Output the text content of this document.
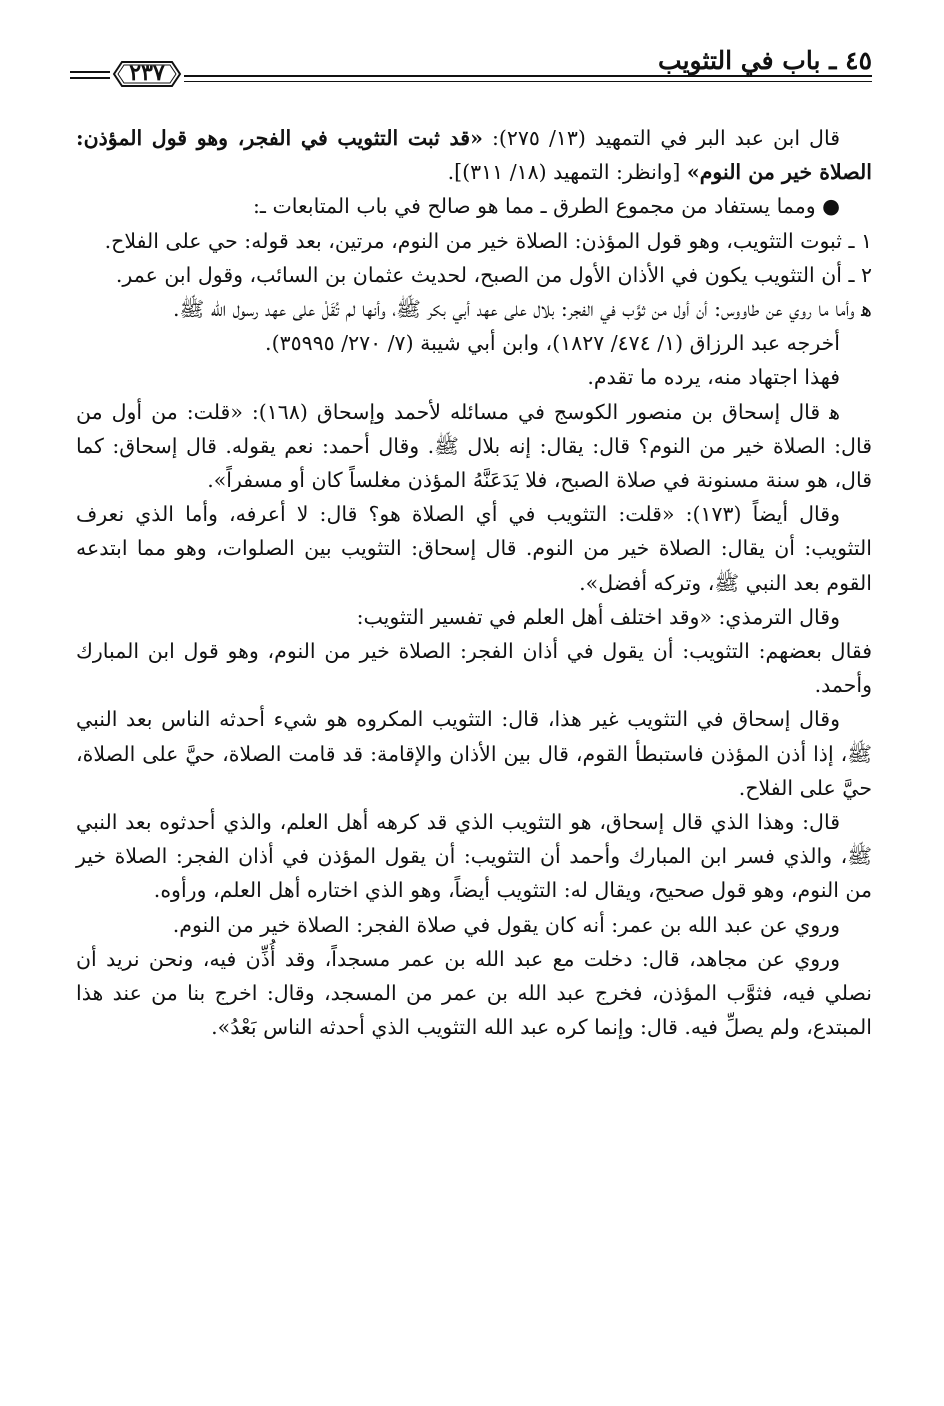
٤٥ ـ باب في التثويب
٢٣٧

قال ابن عبد البر في التمهيد (١٣/ ٢٧٥): «قد ثبت التثويب في الفجر، وهو قول المؤذن: الصلاة خير من النوم» [وانظر: التمهيد (١٨/ ٣١١)].

● ومما يستفاد من مجموع الطرق ـ مما هو صالح في باب المتابعات ـ:

١ ـ ثبوت التثويب، وهو قول المؤذن: الصلاة خير من النوم، مرتين، بعد قوله: حي على الفلاح.

٢ ـ أن التثويب يكون في الأذان الأول من الصبح، لحديث عثمان بن السائب، وقول ابن عمر.

ﻫ وأما ما روي عن طاووس: أن أول من ثوَّب في الفجر: بلال على عهد أبي بكر ﷺ، وأنها لم تُقَلْ على عهد رسول الله ﷺ.

أخرجه عبد الرزاق (١/ ٤٧٤/ ١٨٢٧)، وابن أبي شيبة (٧/ ٢٧٠/ ٣٥٩٩٥).

فهذا اجتهاد منه، يرده ما تقدم.

ﻫ قال إسحاق بن منصور الكوسج في مسائله لأحمد وإسحاق (١٦٨): «قلت: من أول من قال: الصلاة خير من النوم؟ قال: يقال: إنه بلال ﷺ. وقال أحمد: نعم يقوله. قال إسحاق: كما قال، هو سنة مسنونة في صلاة الصبح، فلا يَدَعَنَّهُ المؤذن مغلساً كان أو مسفراً».

وقال أيضاً (١٧٣): «قلت: التثويب في أي الصلاة هو؟ قال: لا أعرفه، وأما الذي نعرف التثويب: أن يقال: الصلاة خير من النوم. قال إسحاق: التثويب بين الصلوات، وهو مما ابتدعه القوم بعد النبي ﷺ، وتركه أفضل».

وقال الترمذي: «وقد اختلف أهل العلم في تفسير التثويب:

فقال بعضهم: التثويب: أن يقول في أذان الفجر: الصلاة خير من النوم، وهو قول ابن المبارك وأحمد.

وقال إسحاق في التثويب غير هذا، قال: التثويب المكروه هو شيء أحدثه الناس بعد النبي ﷺ، إذا أذن المؤذن فاستبطأ القوم، قال بين الأذان والإقامة: قد قامت الصلاة، حيَّ على الصلاة، حيَّ على الفلاح.

قال: وهذا الذي قال إسحاق، هو التثويب الذي قد كرهه أهل العلم، والذي أحدثوه بعد النبي ﷺ، والذي فسر ابن المبارك وأحمد أن التثويب: أن يقول المؤذن في أذان الفجر: الصلاة خير من النوم، وهو قول صحيح، ويقال له: التثويب أيضاً، وهو الذي اختاره أهل العلم، ورأوه.

وروي عن عبد الله بن عمر: أنه كان يقول في صلاة الفجر: الصلاة خير من النوم.

وروي عن مجاهد، قال: دخلت مع عبد الله بن عمر مسجداً، وقد أُذِّن فيه، ونحن نريد أن نصلي فيه، فثوَّب المؤذن، فخرج عبد الله بن عمر من المسجد، وقال: اخرج بنا من عند هذا المبتدع، ولم يصلِّ فيه. قال: وإنما كره عبد الله التثويب الذي أحدثه الناس بَعْدُ».
